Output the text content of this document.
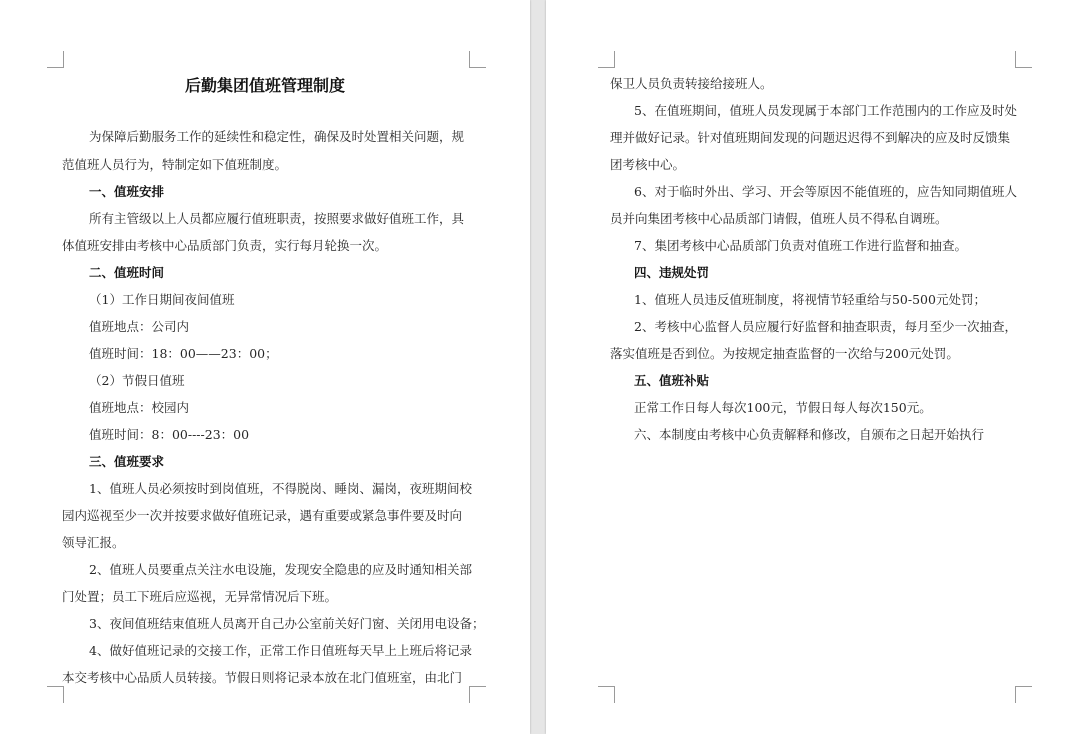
后勤集团值班管理制度

为保障后勤服务工作的延续性和稳定性，确保及时处置相关问题，规

范值班人员行为，特制定如下值班制度。

一、值班安排

所有主管级以上人员都应履行值班职责，按照要求做好值班工作，具

体值班安排由考核中心品质部门负责，实行每月轮换一次。

二、值班时间

（1）工作日期间夜间值班

值班地点：公司内

值班时间：18：00——23：00；

（2）节假日值班

值班地点：校园内

值班时间：8：00----23：00

三、值班要求

1、值班人员必须按时到岗值班，不得脱岗、睡岗、漏岗，夜班期间校

园内巡视至少一次并按要求做好值班记录，遇有重要或紧急事件要及时向

领导汇报。

2、值班人员要重点关注水电设施，发现安全隐患的应及时通知相关部

门处置；员工下班后应巡视，无异常情况后下班。

3、夜间值班结束值班人员离开自己办公室前关好门窗、关闭用电设备；

4、做好值班记录的交接工作，正常工作日值班每天早上上班后将记录

本交考核中心品质人员转接。节假日则将记录本放在北门值班室，由北门

保卫人员负责转接给接班人。

5、在值班期间，值班人员发现属于本部门工作范围内的工作应及时处

理并做好记录。针对值班期间发现的问题迟迟得不到解决的应及时反馈集

团考核中心。

6、对于临时外出、学习、开会等原因不能值班的，应告知同期值班人

员并向集团考核中心品质部门请假，值班人员不得私自调班。

7、集团考核中心品质部门负责对值班工作进行监督和抽查。

四、违规处罚

1、值班人员违反值班制度，将视情节轻重给与50-500元处罚；

2、考核中心监督人员应履行好监督和抽查职责，每月至少一次抽查，

落实值班是否到位。为按规定抽查监督的一次给与200元处罚。

五、值班补贴

正常工作日每人每次100元，节假日每人每次150元。

六、本制度由考核中心负责解释和修改，自颁布之日起开始执行
